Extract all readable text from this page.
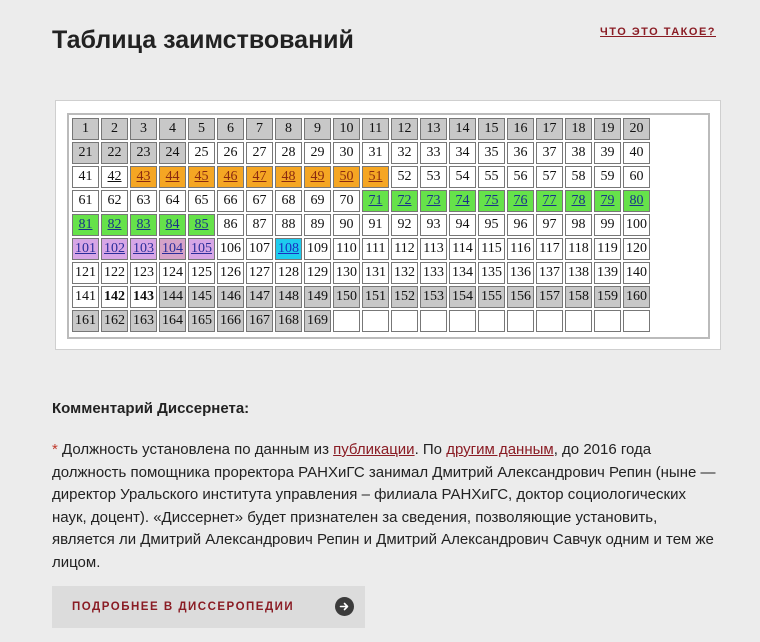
Таблица заимствований	ЧТО ЭТО ТАКОЕ?
1	2	3	4	5	6	7	8	9	10	11	12	13	14	15	16	17	18	19	20
21	22	23	24	25	26	27	28	29	30	31	32	33	34	35	36	37	38	39	40
41	42	43	44	45	46	47	48	49	50	51	52	53	54	55	56	57	58	59	60
61	62	63	64	65	66	67	68	69	70	71	72	73	74	75	76	77	78	79	80
81	82	83	84	85	86	87	88	89	90	91	92	93	94	95	96	97	98	99	100
101	102	103	104	105	106	107	108	109	110	111	112	113	114	115	116	117	118	119	120
121	122	123	124	125	126	127	128	129	130	131	132	133	134	135	136	137	138	139	140
141	142	143	144	145	146	147	148	149	150	151	152	153	154	155	156	157	158	159	160
161	162	163	164	165	166	167	168	169											
Комментарий Диссернета:
* Должность установлена по данным из публикации. По другим данным, до 2016 года должность помощника проректора РАНХиГС занимал Дмитрий Александрович Репин (ныне — директор Уральского института управления – филиала РАНХиГС, доктор социологических наук, доцент). «Диссернет» будет признателен за сведения, позволяющие установить, является ли Дмитрий Александрович Репин и Дмитрий Александрович Савчук одним и тем же лицом.
ПОДРОБНЕЕ В ДИССЕРОПЕДИИ
